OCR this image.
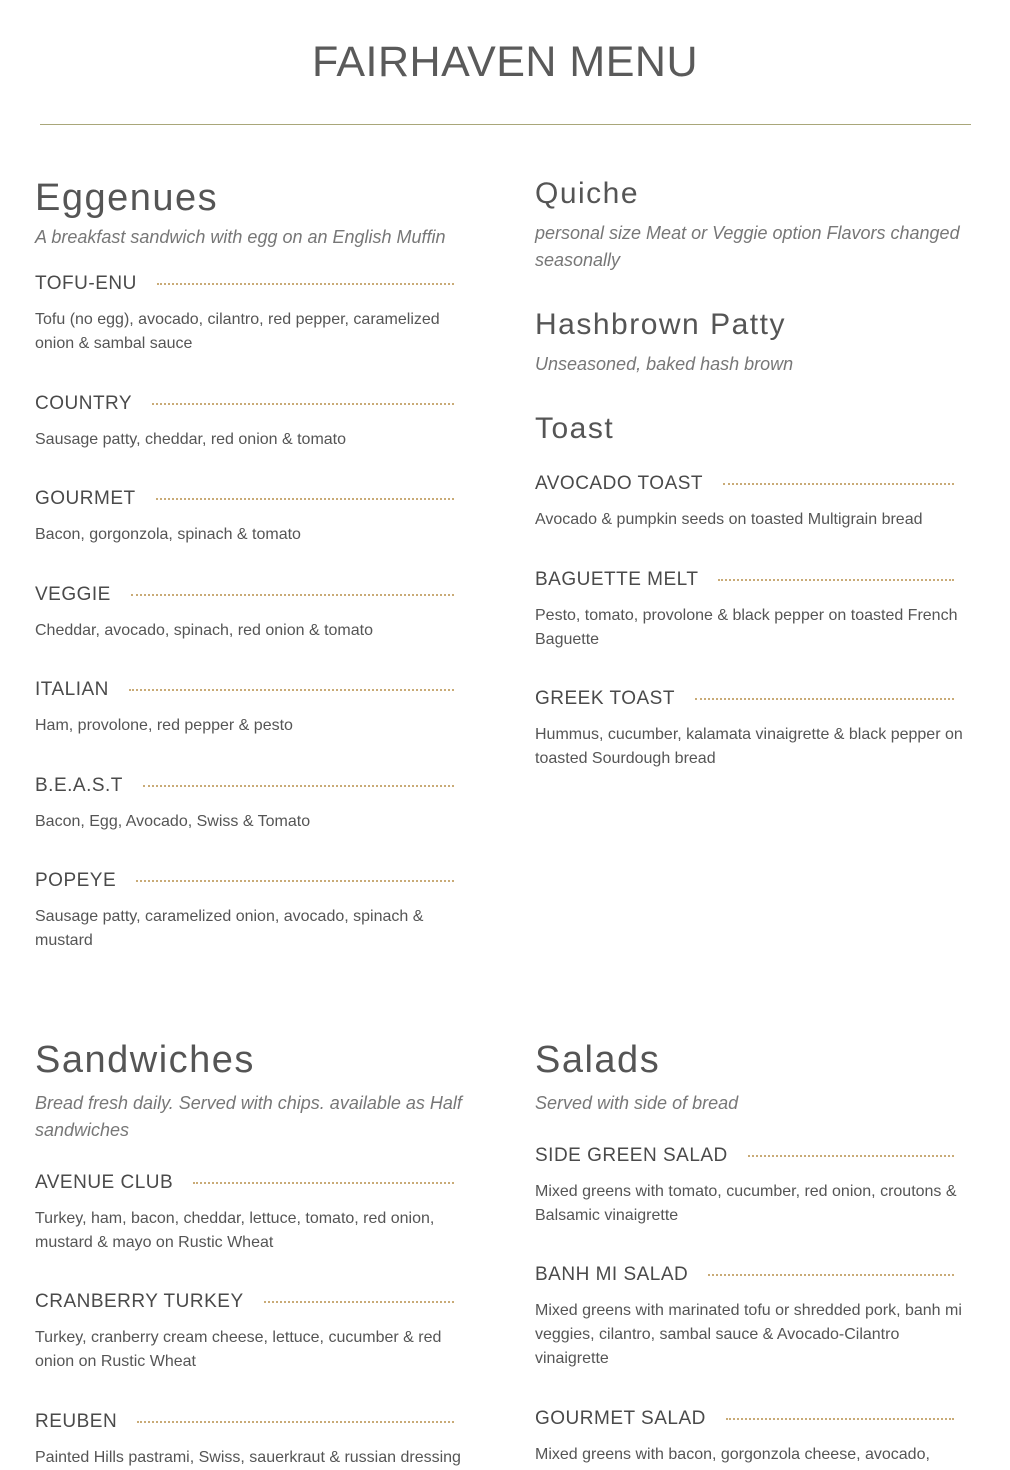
FAIRHAVEN MENU
Eggenues

A breakfast sandwich with egg on an English Muffin

TOFU-ENU

Tofu (no egg), avocado, cilantro, red pepper, caramelized onion & sambal sauce

COUNTRY

Sausage patty, cheddar, red onion & tomato

GOURMET

Bacon, gorgonzola, spinach & tomato

VEGGIE

Cheddar, avocado, spinach, red onion & tomato

ITALIAN

Ham, provolone, red pepper & pesto

B.E.A.S.T

Bacon, Egg, Avocado, Swiss & Tomato

POPEYE

Sausage patty, caramelized onion, avocado, spinach & mustard

Quiche

personal size Meat or Veggie option Flavors changed seasonally

Hashbrown Patty

Unseasoned, baked hash brown

Toast
AVOCADO TOAST

Avocado & pumpkin seeds on toasted Multigrain bread

BAGUETTE MELT

Pesto, tomato, provolone & black pepper on toasted French Baguette

GREEK TOAST

Hummus, cucumber, kalamata vinaigrette & black pepper on toasted Sourdough bread

Sandwiches

Bread fresh daily. Served with chips. available as Half sandwiches

AVENUE CLUB

Turkey, ham, bacon, cheddar, lettuce, tomato, red onion, mustard & mayo on Rustic Wheat

CRANBERRY TURKEY

Turkey, cranberry cream cheese, lettuce, cucumber & red onion on Rustic Wheat

REUBEN

Painted Hills pastrami, Swiss, sauerkraut & russian dressing

Salads

Served with side of bread

SIDE GREEN SALAD

Mixed greens with tomato, cucumber, red onion, croutons & Balsamic vinaigrette

BANH MI SALAD

Mixed greens with marinated tofu or shredded pork, banh mi veggies, cilantro, sambal sauce & Avocado-Cilantro vinaigrette

GOURMET SALAD

Mixed greens with bacon, gorgonzola cheese, avocado,
